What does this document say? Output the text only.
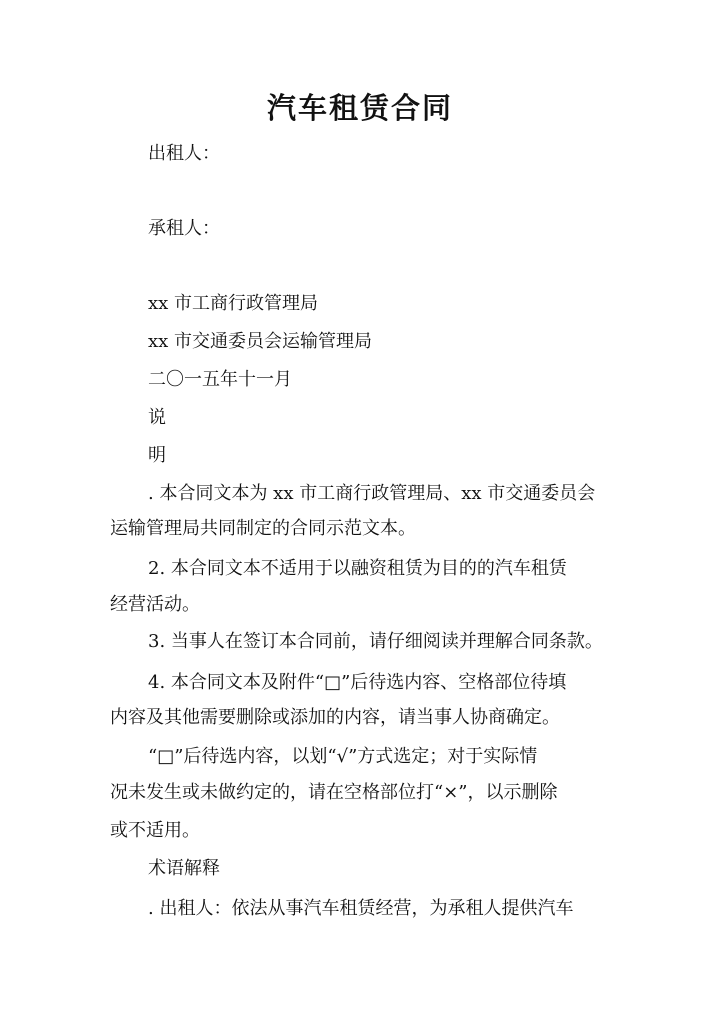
汽车租赁合同
出租人：
承租人：
xx 市工商行政管理局
xx 市交通委员会运输管理局
二〇一五年十一月
说
明
. 本合同文本为 xx 市工商行政管理局、xx 市交通委员会
运输管理局共同制定的合同示范文本。
2. 本合同文本不适用于以融资租赁为目的的汽车租赁
经营活动。
3. 当事人在签订本合同前，请仔细阅读并理解合同条款。
4. 本合同文本及附件“□”后待选内容、空格部位待填
内容及其他需要删除或添加的内容，请当事人协商确定。
“□”后待选内容，以划“√”方式选定；对于实际情
况未发生或未做约定的，请在空格部位打“×”，以示删除
或不适用。
术语解释
. 出租人：依法从事汽车租赁经营，为承租人提供汽车
